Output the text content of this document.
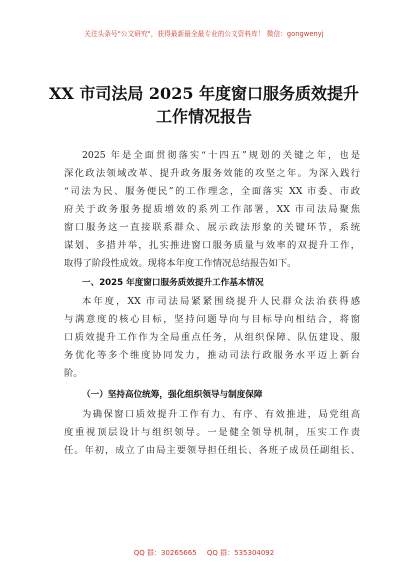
关注头条号"公文研究"，获得最新最全最专业的公文资料库！ 微信：gongwenyj
XX 市司法局 2025 年度窗口服务质效提升
工作情况报告
2025 年是全面贯彻落实“十四五”规划的关键之年，也是
深化政法领域改革、提升政务服务效能的攻坚之年。为深入践行
“司法为民、服务便民”的工作理念，全面落实 XX 市委、市政
府关于政务服务提质增效的系列工作部署，XX 市司法局聚焦
窗口服务这一直接联系群众、展示政法形象的关键环节，系统
谋划、多措并举，扎实推进窗口服务质量与效率的双提升工作，
取得了阶段性成效。现将本年度工作情况总结报告如下。
一、2025 年度窗口服务质效提升工作基本情况
本年度，XX 市司法局紧紧围绕提升人民群众法治获得感
与满意度的核心目标，坚持问题导向与目标导向相结合，将窗
口质效提升工作作为全局重点任务，从组织保障、队伍建设、服
务优化等多个维度协同发力，推动司法行政服务水平迈上新台
阶。
（一）坚持高位统筹，强化组织领导与制度保障
为确保窗口质效提升工作有力、有序、有效推进，局党组高
度重视顶层设计与组织领导。一是健全领导机制，压实工作责
任。年初，成立了由局主要领导担任组长、各班子成员任副组长、
QQ 群：30265665 QQ 群：535304092
